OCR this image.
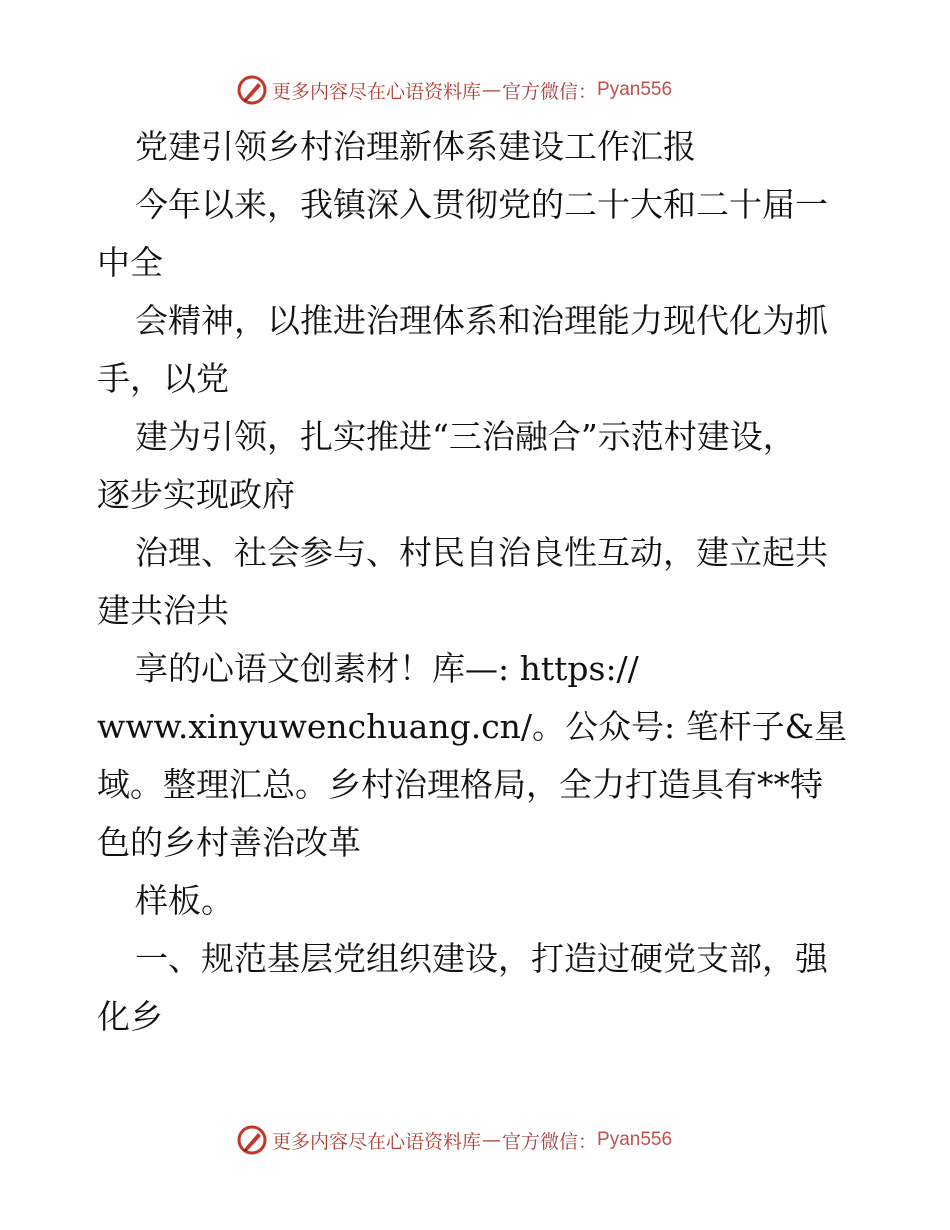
更多内容尽在心语资料库 — 官方微信： Pyan556
党建引领乡村治理新体系建设工作汇报
今年以来，我镇深入贯彻党的二十大和二十届一
中全
会精神，以推进治理体系和治理能力现代化为抓
手，以党
建为引领，扎实推进“三治融合”示范村建设，
逐步实现政府
治理、社会参与、村民自治良性互动，建立起共
建共治共
享的心语文创素材！库—: https://
www.xinyuwenchuang.cn/。公众号: 笔杆子&星
域。整理汇总。乡村治理格局，全力打造具有**特
色的乡村善治改革
样板。
一、规范基层党组织建设，打造过硬党支部，强
化乡
更多内容尽在心语资料库 — 官方微信： Pyan556
